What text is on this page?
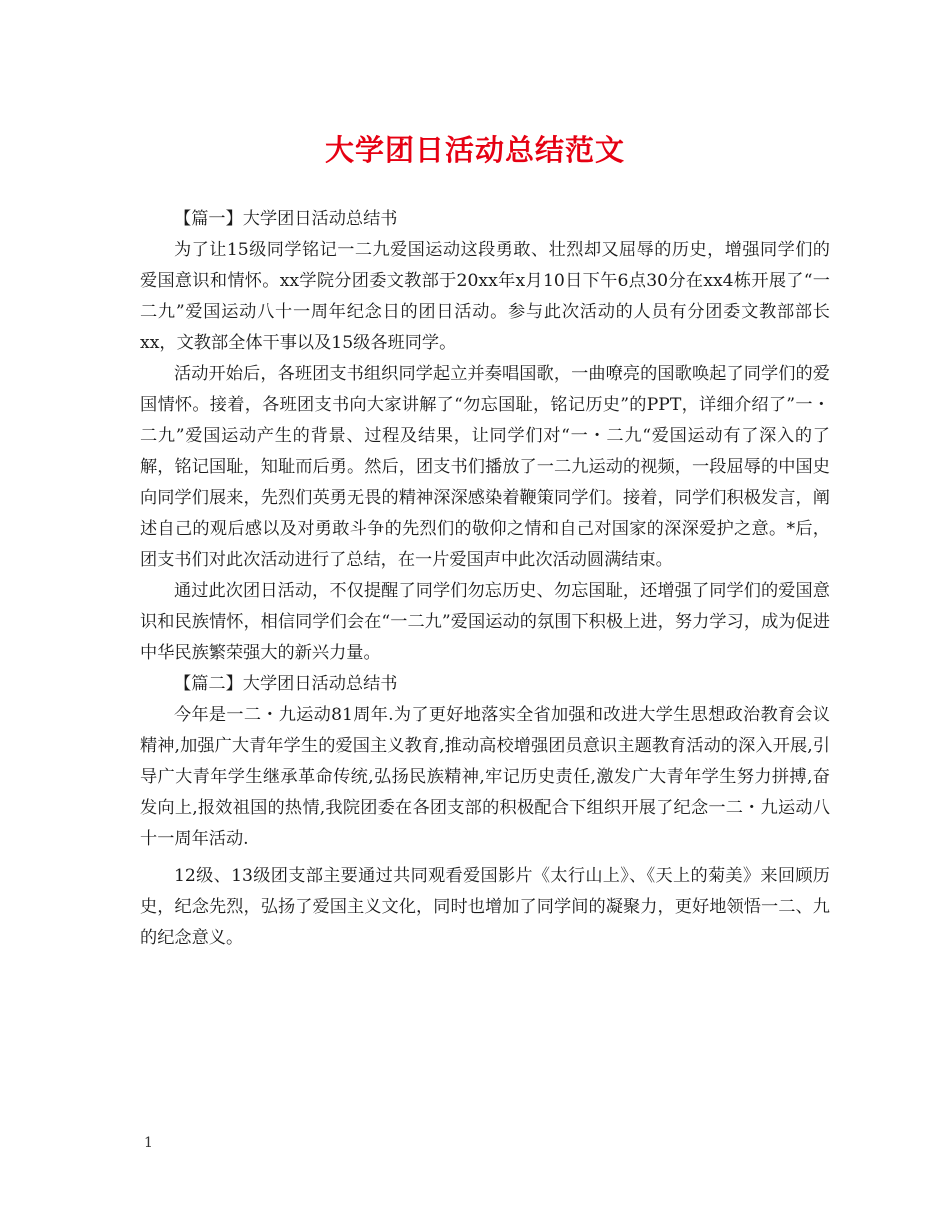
大学团日活动总结范文

【篇一】大学团日活动总结书

为了让15级同学铭记一二九爱国运动这段勇敢、壮烈却又屈辱的历史，增强同学们的爱国意识和情怀。xx学院分团委文教部于20xx年x月10日下午6点30分在xx4栋开展了“一二九”爱国运动八十一周年纪念日的团日活动。参与此次活动的人员有分团委文教部部长xx，文教部全体干事以及15级各班同学。

活动开始后，各班团支书组织同学起立并奏唱国歌，一曲嘹亮的国歌唤起了同学们的爱国情怀。接着，各班团支书向大家讲解了“勿忘国耻，铭记历史”的PPT，详细介绍了”一・二九”爱国运动产生的背景、过程及结果，让同学们对“一・二九“爱国运动有了深入的了解，铭记国耻，知耻而后勇。然后，团支书们播放了一二九运动的视频，一段屈辱的中国史向同学们展来，先烈们英勇无畏的精神深深感染着鞭策同学们。接着，同学们积极发言，阐述自己的观后感以及对勇敢斗争的先烈们的敬仰之情和自己对国家的深深爱护之意。*后，团支书们对此次活动进行了总结，在一片爱国声中此次活动圆满结束。

通过此次团日活动，不仅提醒了同学们勿忘历史、勿忘国耻，还增强了同学们的爱国意识和民族情怀，相信同学们会在“一二九”爱国运动的氛围下积极上进，努力学习，成为促进中华民族繁荣强大的新兴力量。

【篇二】大学团日活动总结书

今年是一二・九运动81周年.为了更好地落实全省加强和改进大学生思想政治教育会议精神,加强广大青年学生的爱国主义教育,推动高校增强团员意识主题教育活动的深入开展,引导广大青年学生继承革命传统,弘扬民族精神,牢记历史责任,激发广大青年学生努力拼搏,奋发向上,报效祖国的热情,我院团委在各团支部的积极配合下组织开展了纪念一二・九运动八十一周年活动.

12级、13级团支部主要通过共同观看爱国影片《太行山上》、《天上的菊美》来回顾历史，纪念先烈，弘扬了爱国主义文化，同时也增加了同学间的凝聚力，更好地领悟一二、九的纪念意义。

1
